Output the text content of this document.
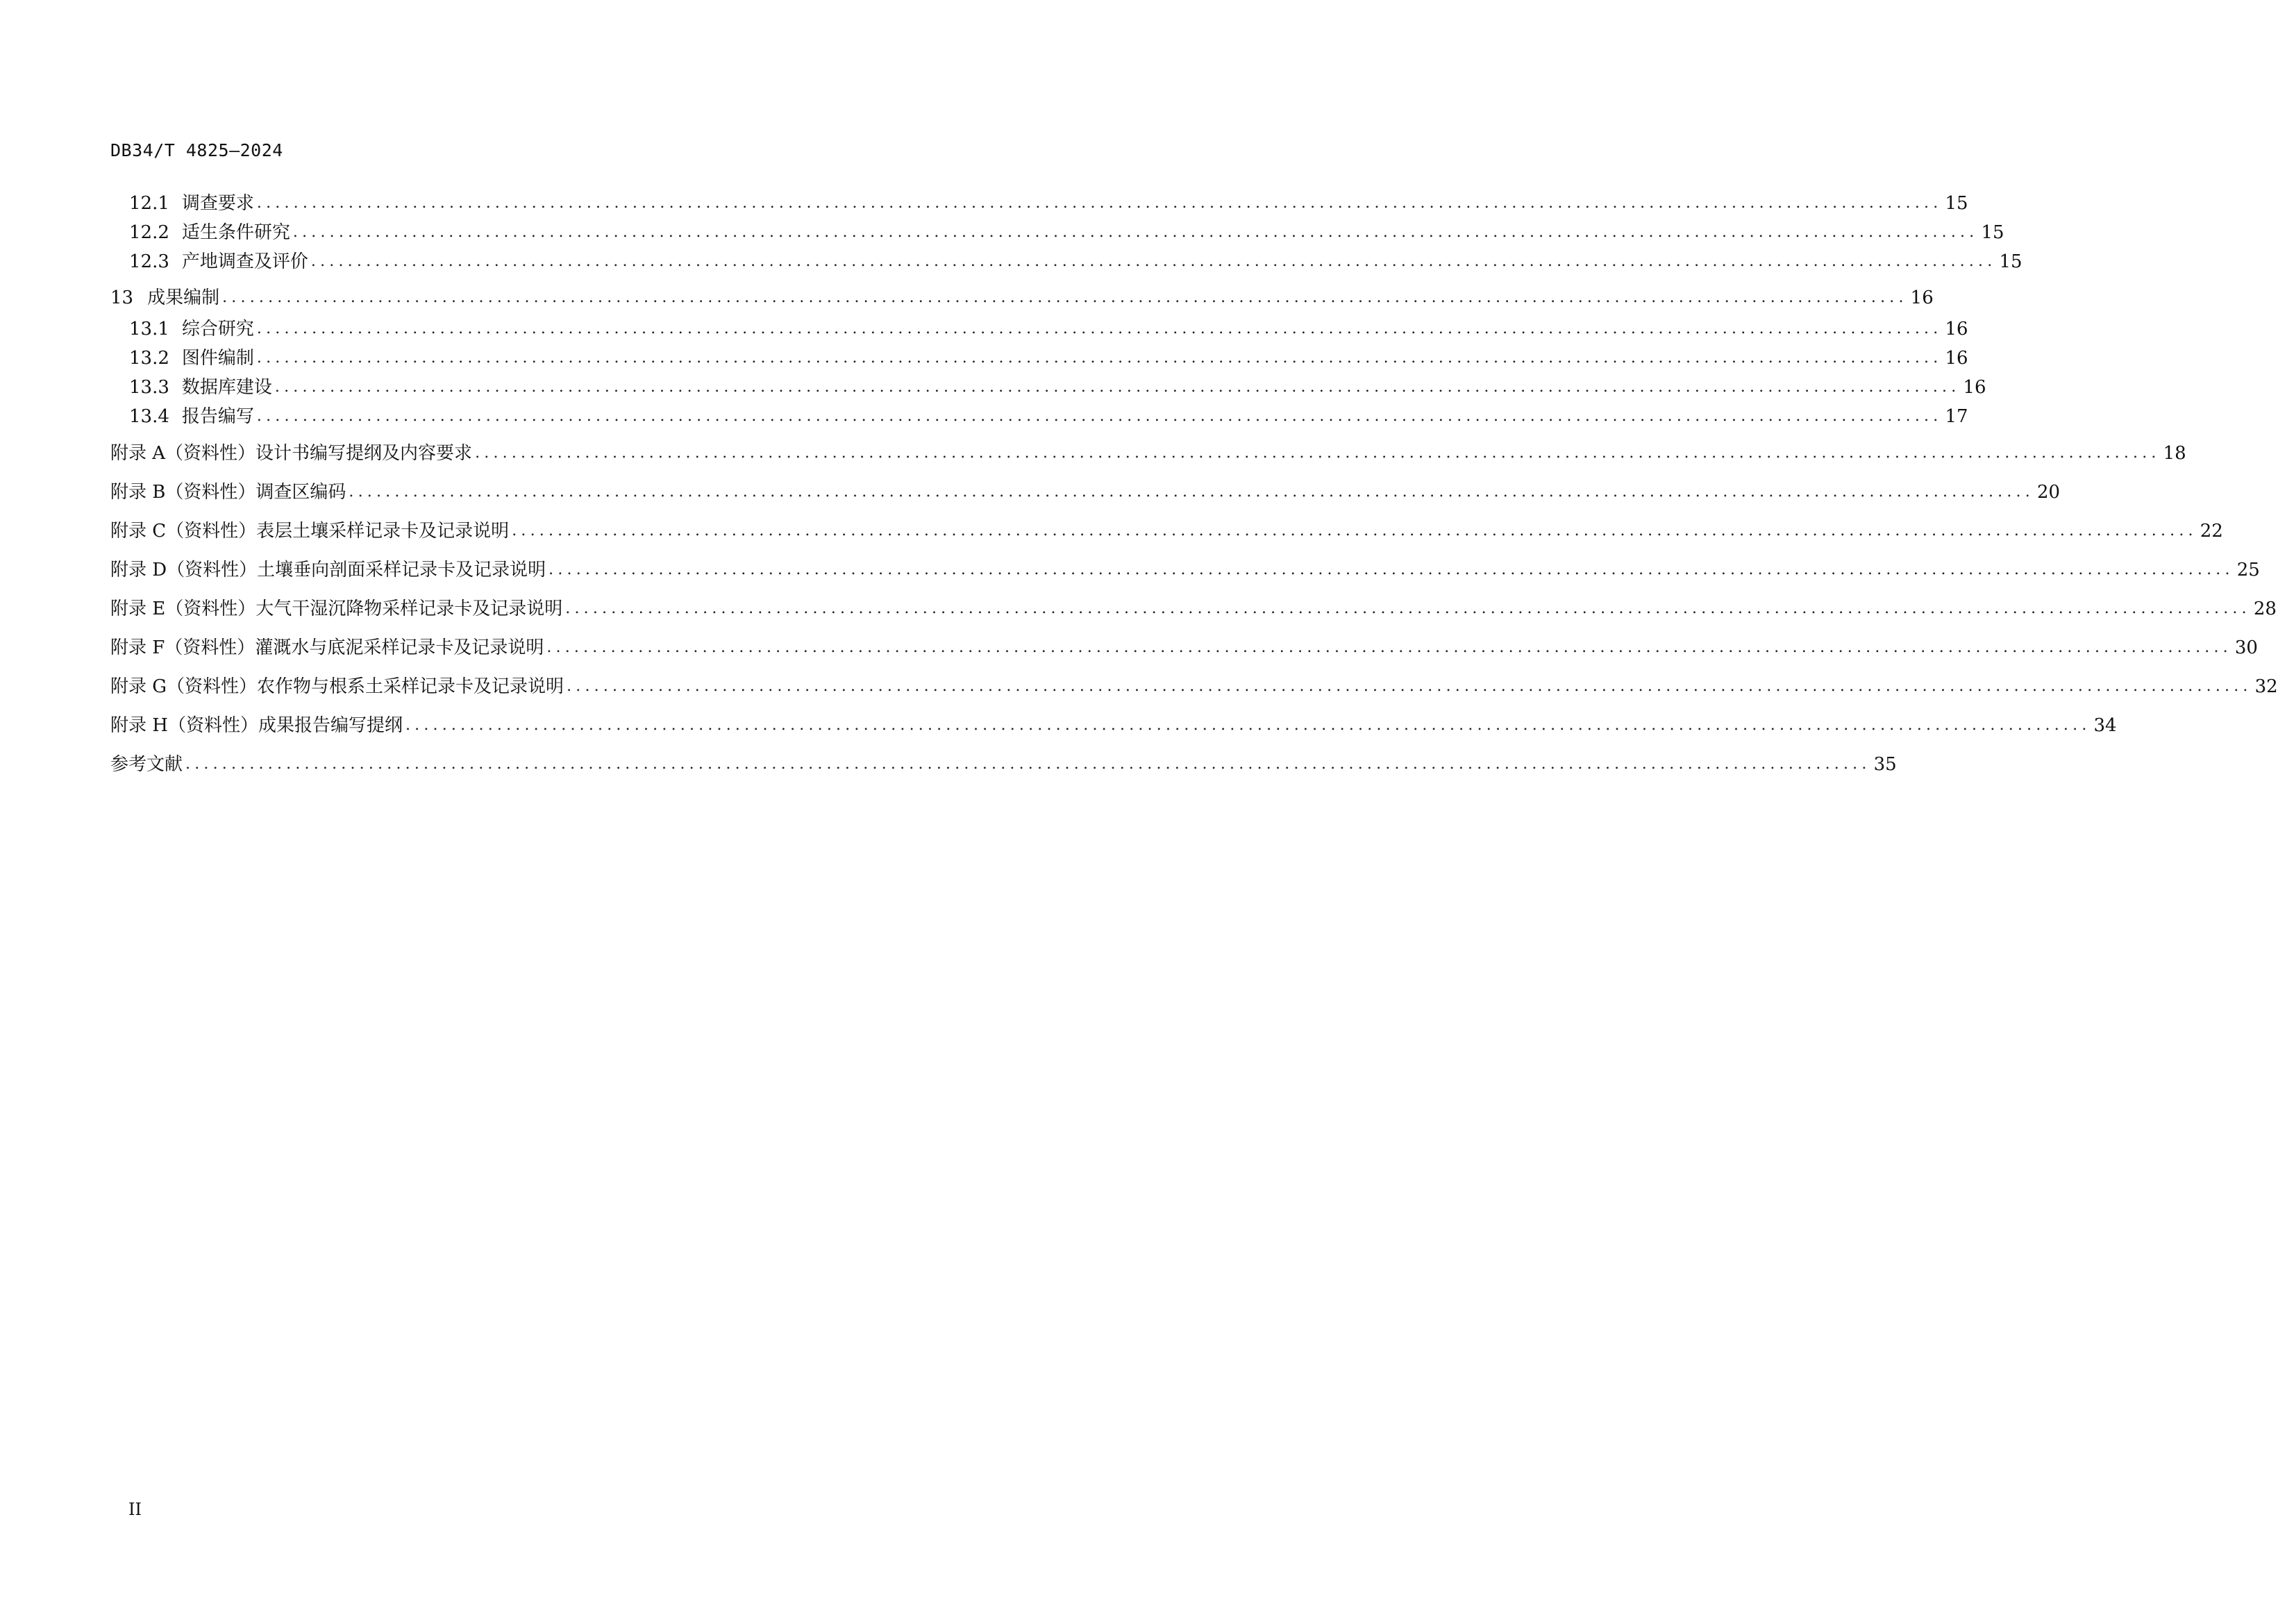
DB34/T 4825—2024
12.1 调查要求 ........................................................................................................................................................................................ 15
12.2 适生条件研究 ........................................................................................................................................................................................ 15
12.3 产地调查及评价 ........................................................................................................................................................................................ 15
13 成果编制 ........................................................................................................................................................................................ 16
13.1 综合研究 ........................................................................................................................................................................................ 16
13.2 图件编制 ........................................................................................................................................................................................ 16
13.3 数据库建设 ........................................................................................................................................................................................ 16
13.4 报告编写 ........................................................................................................................................................................................ 17
附录 A（资料性） 设计书编写提纲及内容要求 ........................................................................................................................................................................................ 18
附录 B（资料性） 调查区编码 ........................................................................................................................................................................................ 20
附录 C（资料性） 表层土壤采样记录卡及记录说明 ........................................................................................................................................................................................ 22
附录 D（资料性） 土壤垂向剖面采样记录卡及记录说明 ........................................................................................................................................................................................ 25
附录 E（资料性） 大气干湿沉降物采样记录卡及记录说明 ........................................................................................................................................................................................ 28
附录 F（资料性） 灌溉水与底泥采样记录卡及记录说明 ........................................................................................................................................................................................ 30
附录 G（资料性） 农作物与根系土采样记录卡及记录说明 ........................................................................................................................................................................................ 32
附录 H（资料性） 成果报告编写提纲 ........................................................................................................................................................................................ 34
参考文献 ........................................................................................................................................................................................ 35
II
